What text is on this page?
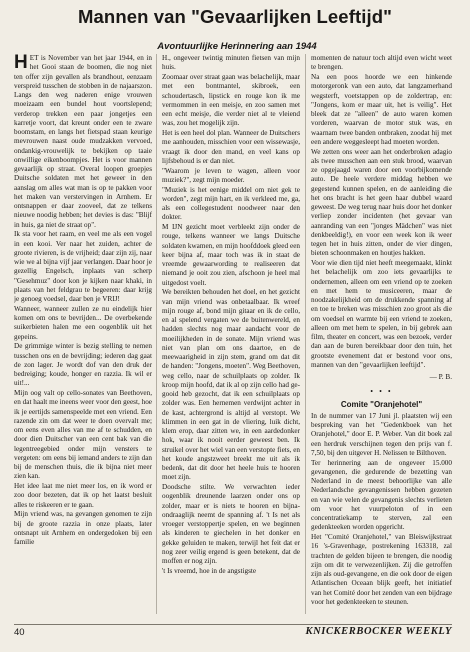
Mannen van "Gevaarlijken Leeftijd"
Avontuurlijke Herinnering aan 1944

HET is November van het jaar 1944, en in het Gooi staan de boomen, die nog niet ten offer zijn gevallen als brandhout, eenzaam verspreid tusschen de stobben in de najaarszon. Langs den weg naderen enige vrouwen moeizaam een bundel hout voortslepend; verderop trekken een paar jongetjes een karretje voort, dat kreunt onder een te zware boomstam, en langs het fietspad staan keurige mevrouwen naast oude mudzakken vervoed, ondankig-vrouwelijk te bekijken op taaie onwillige eikenboompjes. Het is voor mannen gevaarlijk op straat. Overal loopen groepjes Duitsche soldaten met het geweer in den aanslag om alles wat man is op te pakken voor het maken van verstervingen in Arnhem. Er ontsnappen er daar zooveel, dat ze telkens nieuwe noodig hebben; het devies is das: "Blijf in huis, ga niet de straat op".

Ik sta voor het raam, en veel me als een vogel in een kooi. Ver naar het zuiden, achter de groote rivieren, is de vrijheid; daar zijn zij, naar wie we al bijna vijf jaar verlangen. Daar hoor je gezellig Engelsch, inplaats van scherp "Gesehmuz" door kon je kijken naar khaki, in plaats van het feldgrau te begeeren: daar krijg je genoeg voedsel, daar ben je VRIJ!

Wanneer, wanneer zullen ze nu eindelijk hier komen om ons te bevrijden... De overbekende suikerbieten halen me een oogenblik uit het gepeins.

De grimmige winter is bezig stelling te nemen tusschen ons en de bevrijding; iederen dag gaat de zon lager. Je wordt dof van den druk der bedreiging; koude, honger en razzia. Ik wil er uit!...

Mijn oog valt op cello-sonates van Beethoven, en dat haalt me ineens weer voor den geest, hoe ik je eertijds samenspeelde met een vriend. Een razende zin om dat weer te doen overvalt me; om eens even alles van me af te schudden, en door dien Duitscher van een cent bak van die legentreegebied onder mijn vensters te vergeten: om eens bij iemand anders te zijn dan bij de menschen thuis, die ik bijna niet meer zien kan.

Het idee laat me niet meer los, en ik word er zoo door bezeten, dat ik op het laatst besluit alles te riskeeren er te gaan.

Mijn vriend was, na gevangen genomen te zijn bij de groote razzia in onze plaats, later ontsnapt uit Arnhem en ondergedoken bij een familie

H., ongeveer twintig minuten fietsen van mijn huis.

Zoomaar over straat gaan was belachelijk, maar met een bontmantel, skibroek, een schoudertasch, lipstick en rouge kon ik me vermommen in een meisje, en zoo samen met een echt meisje, die verder niet al te vleiend was, zou het mogelijk zijn.

Het is een heel dol plan. Wanneer de Duitschers me aanhouden, misschien voor een wissewasje, vraagt ik door den mand, en veel kans op lijfsbehoud is er dan niet.

"Waarom je leven te wagen, alleen voor muziek?", zegt mijn moeder.

"Muziek is het eenige middel om niet gek te worden", zegt mijn hart, en ik verkleed me, ga, als een collegestudent noodweer naar den dokter.

M IJN gezicht moet verbleekt zijn onder de rouge, telkens wanneer we langs Duitsche soldaten kwamen, en mijn hoofddoek gleed een keer bijna af, maar toch was ik in staat de vreemde gewaarwording te realiseeren dat niemand je ooit zou zien, afschoon je heel mal uitgedost voelt.

We bereikten behouden het doel, en het gezicht van mijn vriend was onbetaalbaar. Ik wreef mijn rouge af, bond mijn gitaar en ik de cello, en al spelend vergaten we de buitenwereld, en hadden slechts nog maar aandacht voor de moeilijkheden in de sonate. Mijn vriend was niet van plan om ons daartoe, en de meewaarigheid in zijn stem, grand om dat dit de handen: "Jongens, moeten". Weg Beethoven, weg cello, naar de schuilplaats op zolder. Ik kroop mijn hoofd, dat ik al op zijn cello had ge-gooid heb gezocht, dat ik een schuilplaats op zolder was. Een hernemen verdwijnt achter in de kast, achtergrond is altijd al verstopt. We klimmen in een gat in de vliering, luik dicht, klem erop, daar zitten we, in een aardedonker hok, waar ik nooit eerder geweest ben. Ik struikel over het wiel van een verstopte fiets, en het koude angstzweet breekt me uit als ik bedenk, dat dit door het heele huis te hooren moet zijn.

Doodsche stilte. We verwachten ieder oogenblik dreunende laarzen onder ons op zolder, maar er is niets te hooren en bijna-ondraaglijk neemt de spanning af. 't Is net als vroeger verstoppertje spelen, en we beginnen als kinderen te giechelen in het donker en gekke geluiden te maken, terwijl het feit dat er nog zeer veilig ergend is geen betekent, dat de moffen er nog zijn.

't Is vreemd, hoe in de angstigste

momenten de natuur toch altijd even wicht weet te brengen.

Na een poos hoorde we een hinkende motorgeronk van een auto, dat langzamerhand wegsterft, voetstappen op de zoldertrap, en: "Jongens, kom er maar uit, het is veilig". Het bleek dat ze "alleen" de auto waren komen vorderen, waarvan de motor stuk was, en waarnam twee banden ontbraken, zoodat hij met een andere weggesleept had moeten worden.

We zetten ons weer aan het onderbroken adagio als twee musschen aan een stuk brood, waarvan ze opgejaagd waren door een voorbijkomende auto. De heele verdere middag hebben we gegestend kunnen spelen, en de aanleiding die het ons bracht is het geen haar dubbel waard geweest. De weg terug naar huis door het donker verliep zonder incidenten (het gevaar van aanranding van een "jonges Mädchen" was niet denkbeeldig!), en voor een week kon ik weer tegen het in huis zitten, onder de vier dingen, bieten schoonmaken en houtjes hakken.

Voor wie dien tijd niet heeft meegemaakt, klinkt het belachelijk om zoo iets gevaarlijks te ondernemen, alleen om een vriend op te zoeken en met hem te musiceeren, maar de noodzakelijkheid om de drukkende spanning af en toe te breken was misschien zoo groot als die om voedsel en warmte bij een vriend te zoeken, alleen om met hem te spelen, in bij gebrek aan film, theater en concert, was een bezoek, verder dan aan de buren bereikbaar door den tuin, het grootste evenement dat er bestond voor ons, mannen van den "gevaarlijken leeftijd".

— P. B.

• • •

Comite "Oranjehotel"

In de nummer van 17 Juni jl. plaatsten wij een bespreking van het "Gedenkboek van het Oranjehotel," door E. P. Weber. Van dit boek zal een herdruk verschijnen tegen den prijs van f. 7,50, bij den uitgever H. Nelissen te Bilthoven.

Ter herinnering aan de ongeveer 15.000 gevangenen, die gedurende de bezetting van Nederland in de meest behoorlijke van alle Nederlandsche gevangenissen hebben gezeten en van wie velen de gevangenis slechts verlieten om voor het vuurpeloton of in een concentratiekamp te sterven, zal een gedenkteeken worden opgericht.

Het "Comité Oranjehotel," van Bleiswijkstraat 16 's-Gravenhage, postrekening 163318, zal trachten de gelden bijeen te brengen, die noodig zijn om dit te verwezenlijken. Zij die getroffen zijn als oud-gevangene, en die ook door de eigen Atlantischen Oceaan blijk geeft, het initiatief van het Comité door het zenden van een bijdrage voor het gedenkteeken te steunen.

40	KNICKERBOCKER WEEKLY
